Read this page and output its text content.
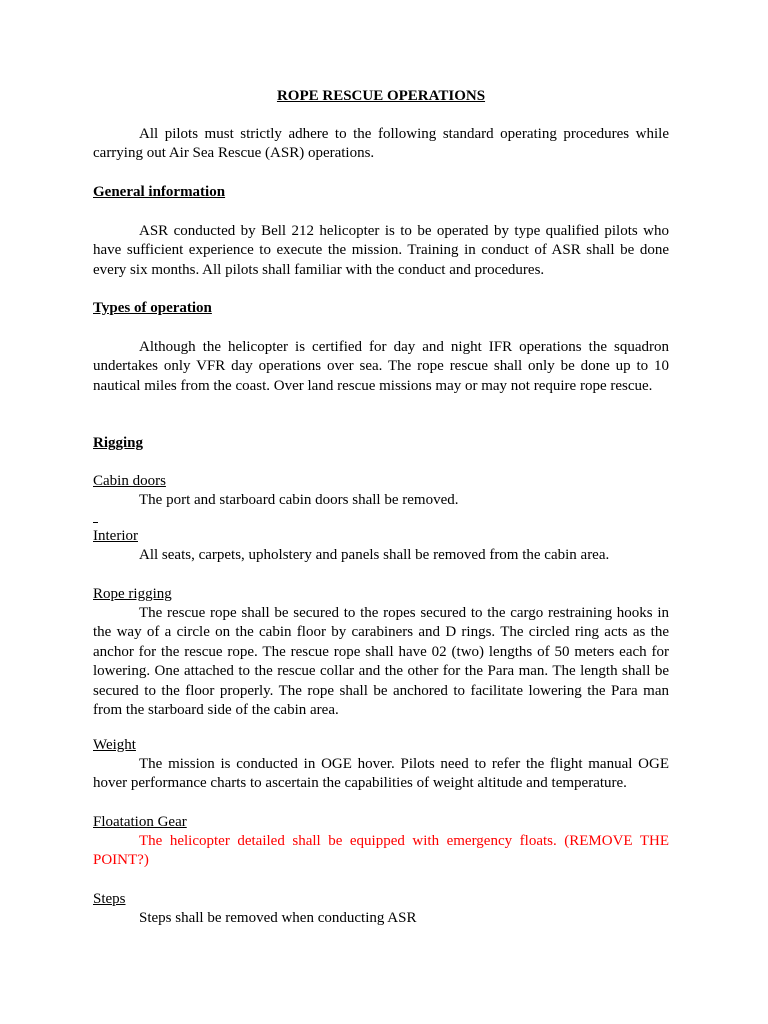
ROPE RESCUE OPERATIONS

All pilots must strictly adhere to the following standard operating procedures while carrying out Air Sea Rescue (ASR) operations.

General information

ASR conducted by Bell 212 helicopter is to be operated by type qualified pilots who have sufficient experience to execute the mission. Training in conduct of ASR shall be done every six months. All pilots shall familiar with the conduct and procedures.

Types of operation

Although the helicopter is certified for day and night IFR operations the squadron undertakes only VFR day operations over sea. The rope rescue shall only be done up to 10 nautical miles from the coast. Over land rescue missions may or may not require rope rescue.

Rigging

Cabin doors

The port and starboard cabin doors shall be removed.

Interior

All seats, carpets, upholstery and panels shall be removed from the cabin area.

Rope rigging

The rescue rope shall be secured to the ropes secured to the cargo restraining hooks in the way of a circle on the cabin floor by carabiners and D rings. The circled ring acts as the anchor for the rescue rope. The rescue rope shall have 02 (two) lengths of 50 meters each for lowering. One attached to the rescue collar and the other for the Para man. The length shall be secured to the floor properly. The rope shall be anchored to facilitate lowering the Para man from the starboard side of the cabin area.

Weight

The mission is conducted in OGE hover. Pilots need to refer the flight manual OGE hover performance charts to ascertain the capabilities of weight altitude and temperature.

Floatation Gear

The helicopter detailed shall be equipped with emergency floats. (REMOVE THE POINT?)

Steps

Steps shall be removed when conducting ASR
